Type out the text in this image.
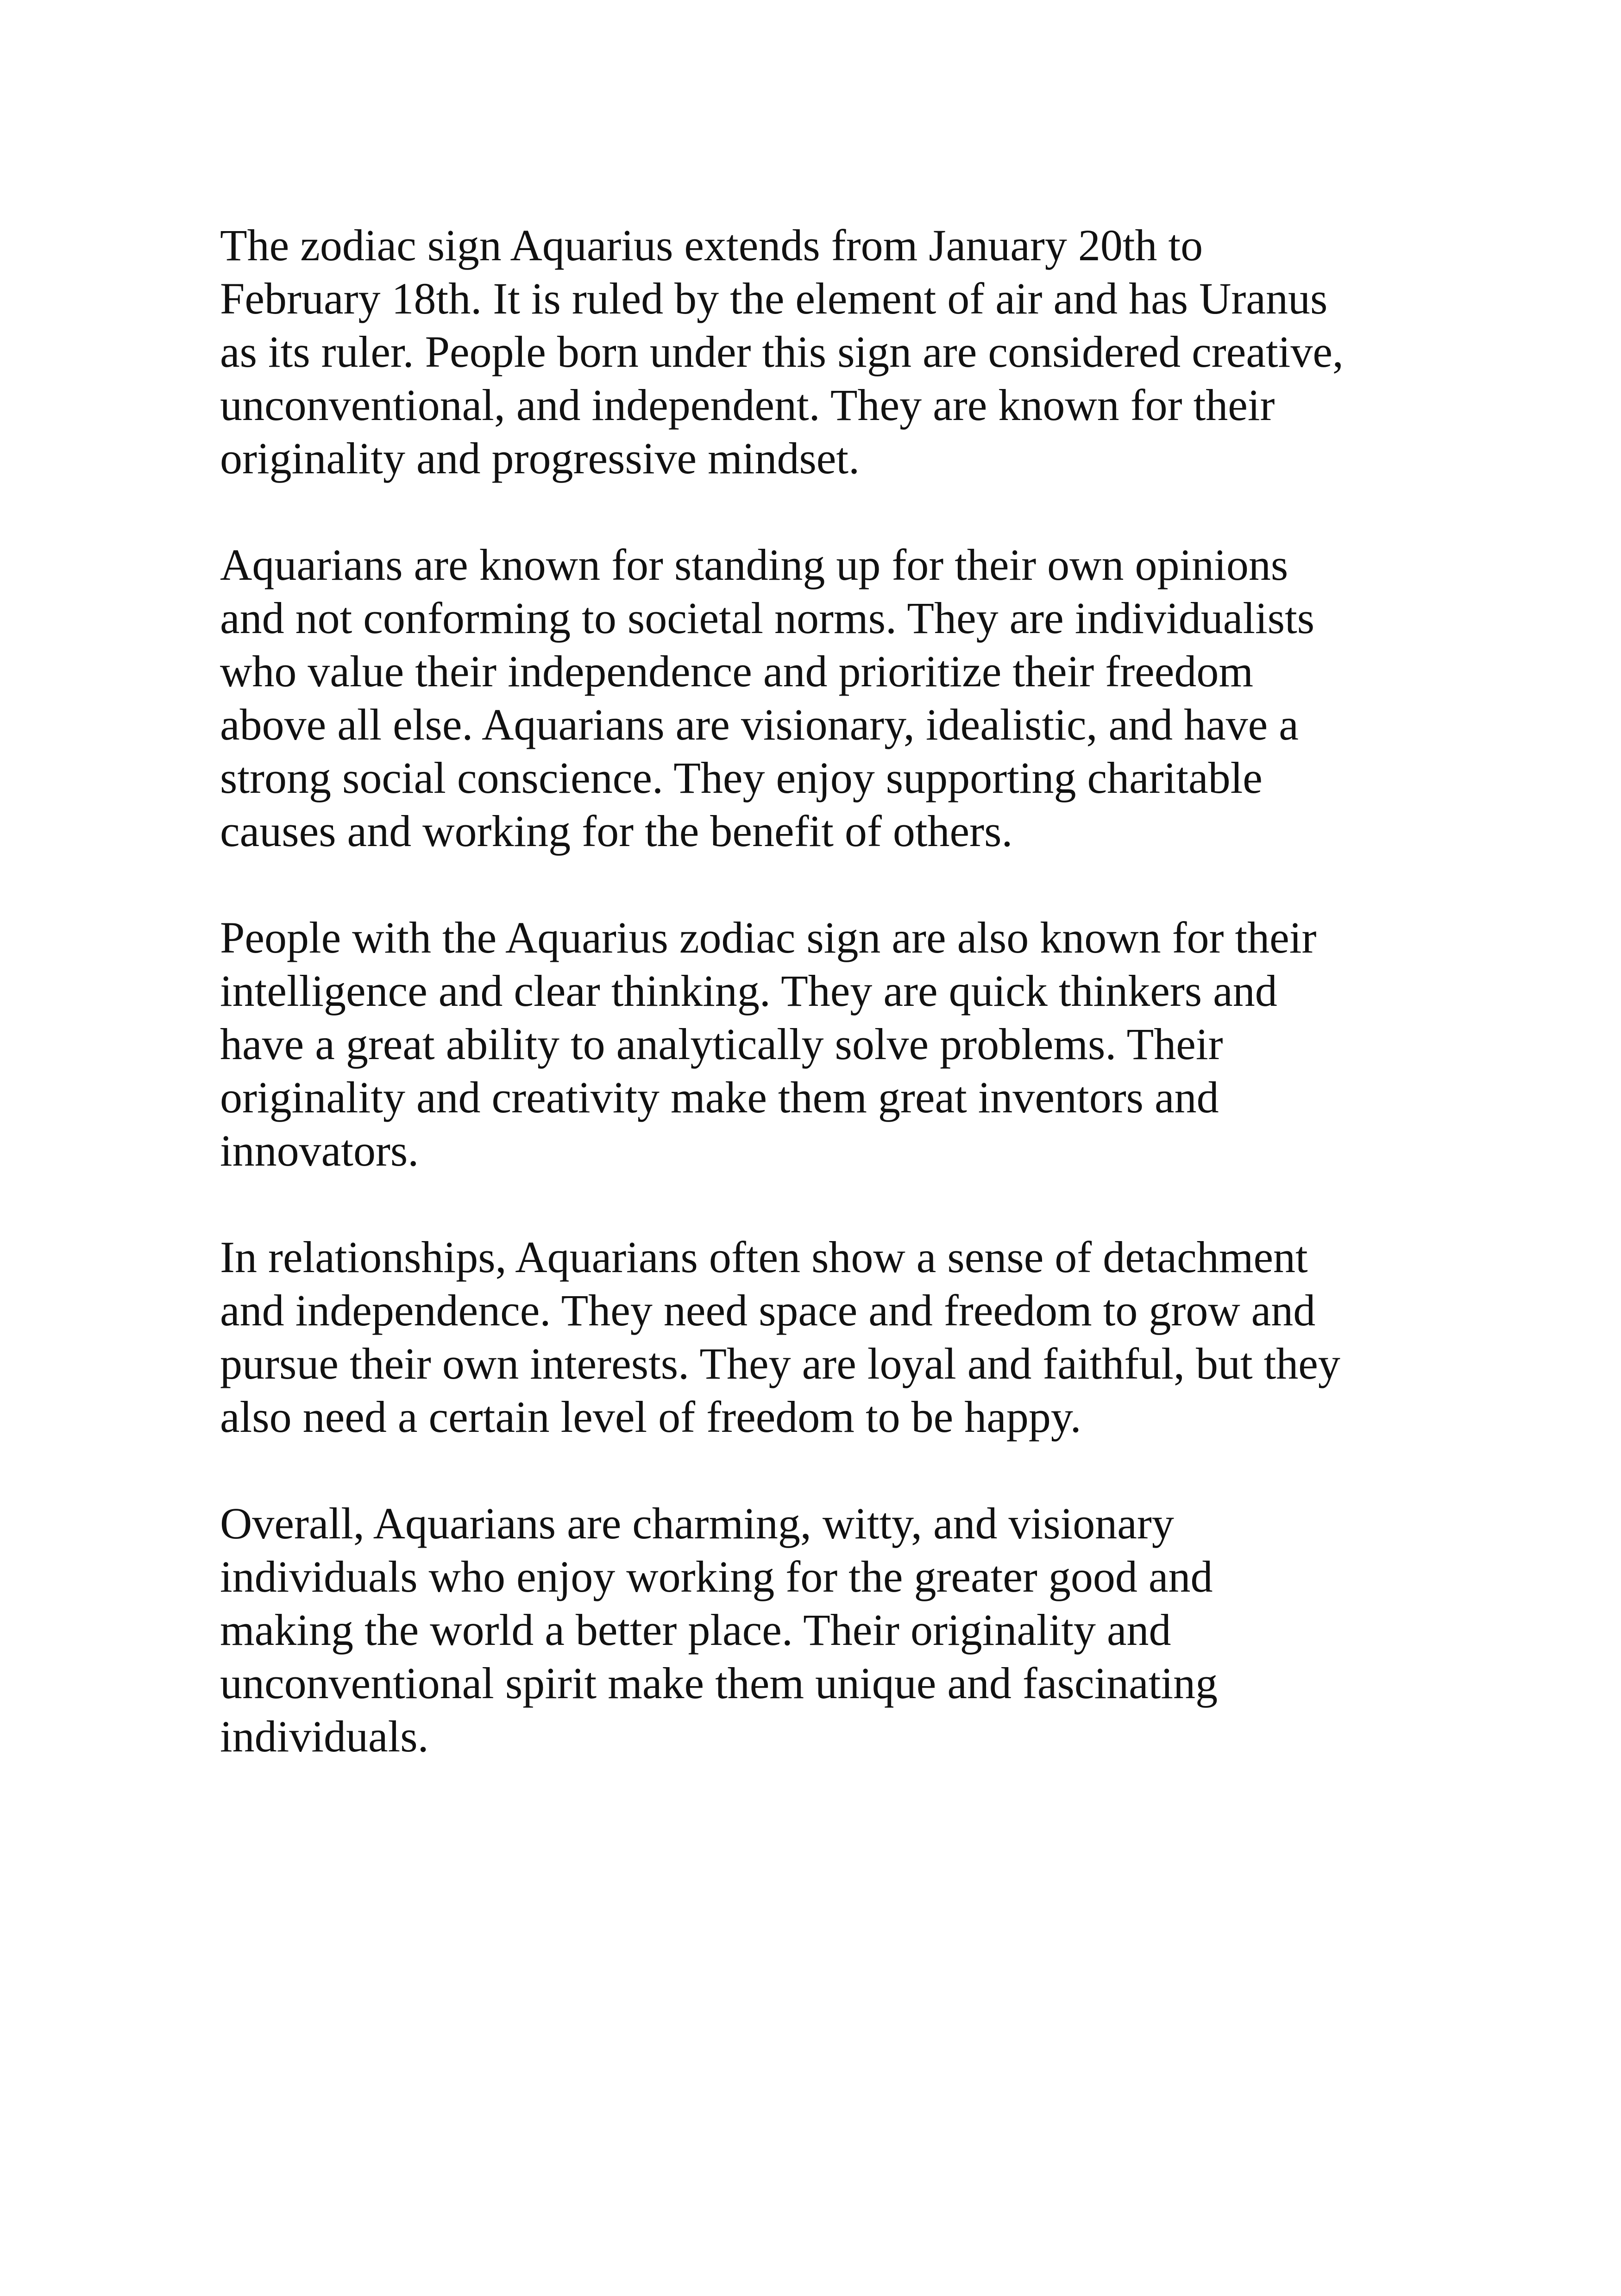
The zodiac sign Aquarius extends from January 20th to
February 18th. It is ruled by the element of air and has Uranus
as its ruler. People born under this sign are considered creative,
unconventional, and independent. They are known for their
originality and progressive mindset.

Aquarians are known for standing up for their own opinions
and not conforming to societal norms. They are individualists
who value their independence and prioritize their freedom
above all else. Aquarians are visionary, idealistic, and have a
strong social conscience. They enjoy supporting charitable
causes and working for the benefit of others.

People with the Aquarius zodiac sign are also known for their
intelligence and clear thinking. They are quick thinkers and
have a great ability to analytically solve problems. Their
originality and creativity make them great inventors and
innovators.

In relationships, Aquarians often show a sense of detachment
and independence. They need space and freedom to grow and
pursue their own interests. They are loyal and faithful, but they
also need a certain level of freedom to be happy.

Overall, Aquarians are charming, witty, and visionary
individuals who enjoy working for the greater good and
making the world a better place. Their originality and
unconventional spirit make them unique and fascinating
individuals.
